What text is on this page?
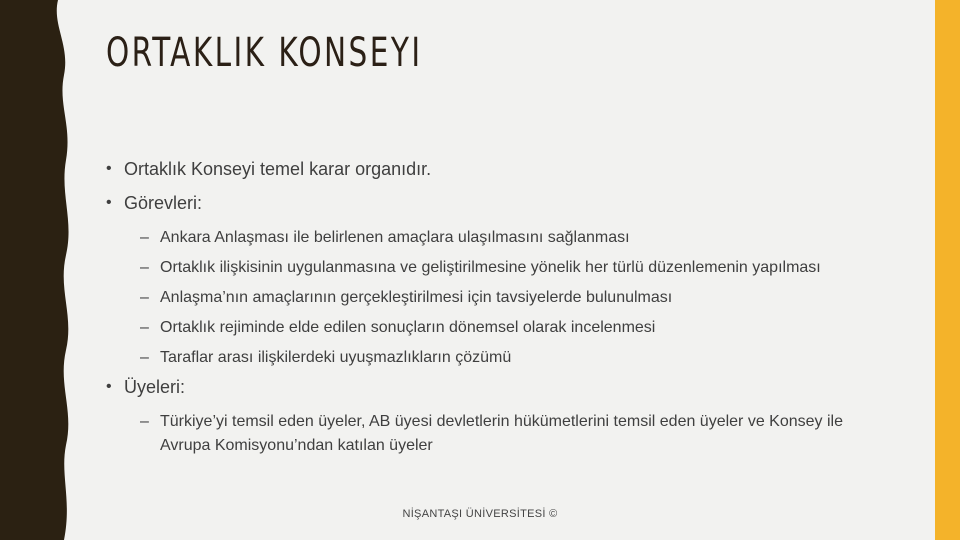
ORTAKLIK KONSEYI
• Ortaklık Konseyi temel karar organıdır.
• Görevleri:
– Ankara Anlaşması ile belirlenen amaçlara ulaşılmasını sağlanması
– Ortaklık ilişkisinin uygulanmasına ve geliştirilmesine yönelik her türlü düzenlemenin yapılması
– Anlaşma’nın amaçlarının gerçekleştirilmesi için tavsiyelerde bulunulması
– Ortaklık rejiminde elde edilen sonuçların dönemsel olarak incelenmesi
– Taraflar arası ilişkilerdeki uyuşmazlıkların çözümü
• Üyeleri:
– Türkiye’yi temsil eden üyeler, AB üyesi devletlerin hükümetlerini temsil eden üyeler ve Konsey ile Avrupa Komisyonu’ndan katılan üyeler
NİŞANTAŞI ÜNİVERSİTESİ ©
